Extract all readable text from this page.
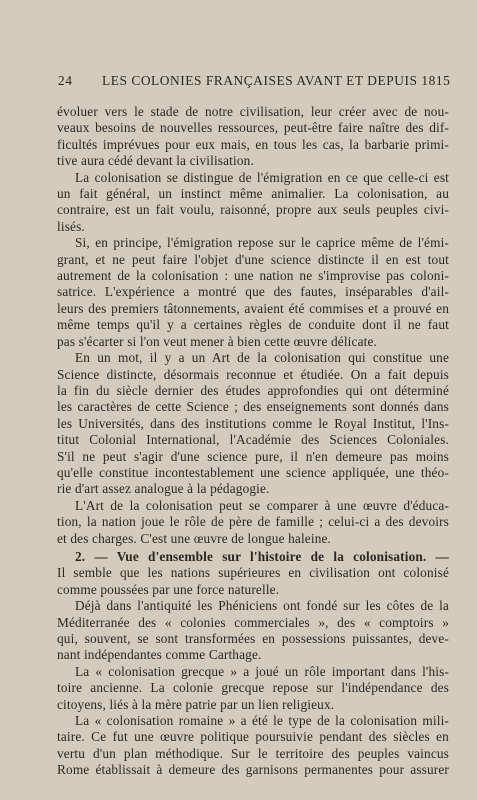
24 LES COLONIES FRANÇAISES AVANT ET DEPUIS 1815

évoluer vers le stade de notre civilisation, leur créer avec de nou-
veaux besoins de nouvelles ressources, peut-être faire naître des dif-
ficultés imprévues pour eux mais, en tous les cas, la barbarie primi-
tive aura cédé devant la civilisation.

La colonisation se distingue de l'émigration en ce que celle-ci est
un fait général, un instinct même animalier. La colonisation, au
contraire, est un fait voulu, raisonné, propre aux seuls peuples civi-
lisés.

Si, en principe, l'émigration repose sur le caprice même de l'émi-
grant, et ne peut faire l'objet d'une science distincte il en est tout
autrement de la colonisation : une nation ne s'improvise pas coloni-
satrice. L'expérience a montré que des fautes, inséparables d'ail-
leurs des premiers tâtonnements, avaient été commises et a prouvé en
même temps qu'il y a certaines règles de conduite dont il ne faut
pas s'écarter si l'on veut mener à bien cette œuvre délicate.

En un mot, il y a un Art de la colonisation qui constitue une
Science distincte, désormais reconnue et étudiée. On a fait depuis
la fin du siècle dernier des études approfondies qui ont déterminé
les caractères de cette Science ; des enseignements sont donnés dans
les Universités, dans des institutions comme le Royal Institut, l'Ins-
titut Colonial International, l'Académie des Sciences Coloniales.
S'il ne peut s'agir d'une science pure, il n'en demeure pas moins
qu'elle constitue incontestablement une science appliquée, une théo-
rie d'art assez analogue à la pédagogie.

L'Art de la colonisation peut se comparer à une œuvre d'éduca-
tion, la nation joue le rôle de père de famille ; celui-ci a des devoirs
et des charges. C'est une œuvre de longue haleine.

2. — Vue d'ensemble sur l'histoire de la colonisation. —
Il semble que les nations supérieures en civilisation ont colonisé
comme poussées par une force naturelle.

Déjà dans l'antiquité les Phéniciens ont fondé sur les côtes de la
Méditerranée des « colonies commerciales », des « comptoirs »
qui, souvent, se sont transformées en possessions puissantes, deve-
nant indépendantes comme Carthage.

La « colonisation grecque » a joué un rôle important dans l'his-
toire ancienne. La colonie grecque repose sur l'indépendance des
citoyens, liés à la mère patrie par un lien religieux.

La « colonisation romaine » a été le type de la colonisation mili-
taire. Ce fut une œuvre politique poursuivie pendant des siècles en
vertu d'un plan méthodique. Sur le territoire des peuples vaincus
Rome établissait à demeure des garnisons permanentes pour assurer
